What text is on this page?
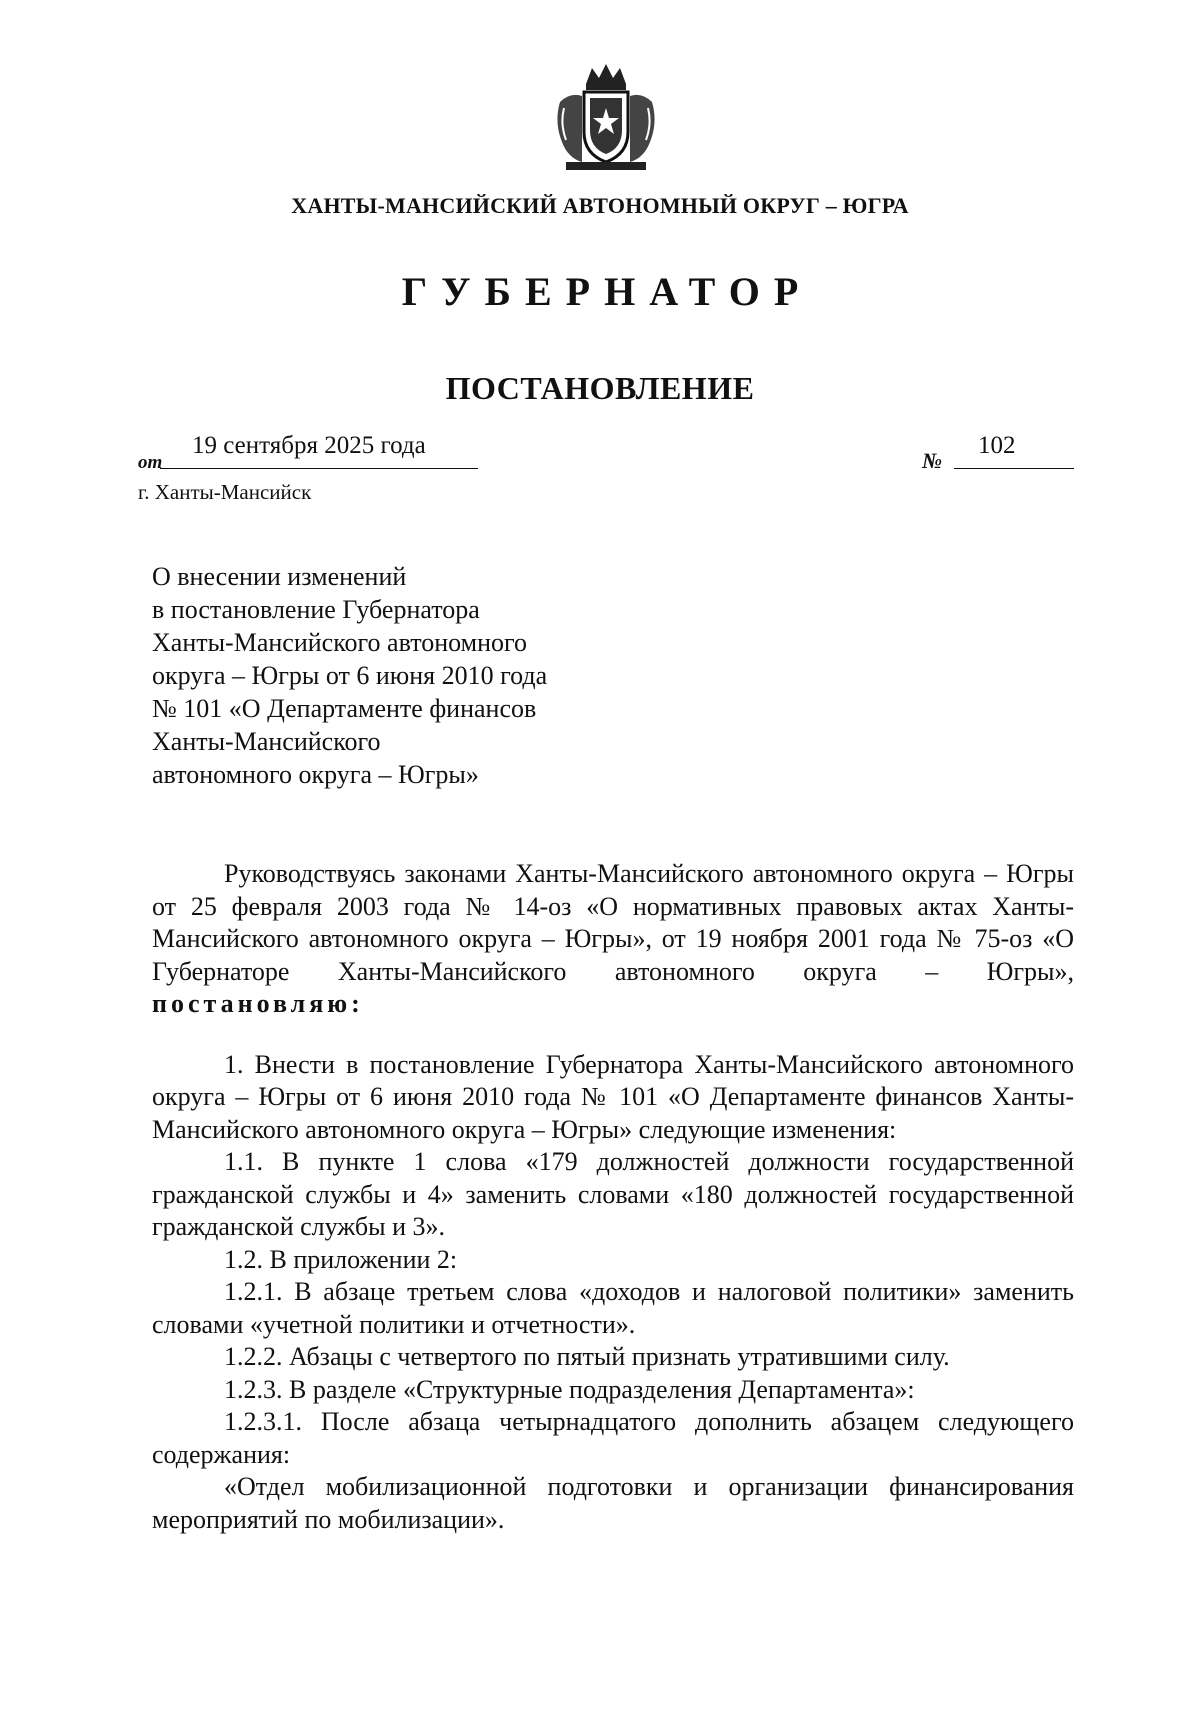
ХАНТЫ-МАНСИЙСКИЙ АВТОНОМНЫЙ ОКРУГ – ЮГРА
ГУБЕРНАТОР
ПОСТАНОВЛЕНИЕ
от
19 сентября 2025 года
№
102
г. Ханты-Мансийск
О внесении изменений
в постановление Губернатора
Ханты-Мансийского автономного
округа – Югры от 6 июня 2010 года
№ 101 «О Департаменте финансов
Ханты-Мансийского
автономного округа – Югры»

Руководствуясь законами Ханты-Мансийского автономного округа – Югры от 25 февраля 2003 года № 14-оз «О нормативных правовых актах Ханты-Мансийского автономного округа – Югры», от 19 ноября 2001 года № 75-оз «О Губернаторе Ханты-Мансийского автономного округа – Югры», постановляю:

1. Внести в постановление Губернатора Ханты-Мансийского автономного округа – Югры от 6 июня 2010 года № 101 «О Департаменте финансов Ханты-Мансийского автономного округа – Югры» следующие изменения:

1.1. В пункте 1 слова «179 должностей должности государственной гражданской службы и 4» заменить словами «180 должностей государственной гражданской службы и 3».

1.2. В приложении 2:

1.2.1. В абзаце третьем слова «доходов и налоговой политики» заменить словами «учетной политики и отчетности».

1.2.2. Абзацы с четвертого по пятый признать утратившими силу.

1.2.3. В разделе «Структурные подразделения Департамента»:

1.2.3.1. После абзаца четырнадцатого дополнить абзацем следующего содержания:

«Отдел мобилизационной подготовки и организации финансирования мероприятий по мобилизации».
